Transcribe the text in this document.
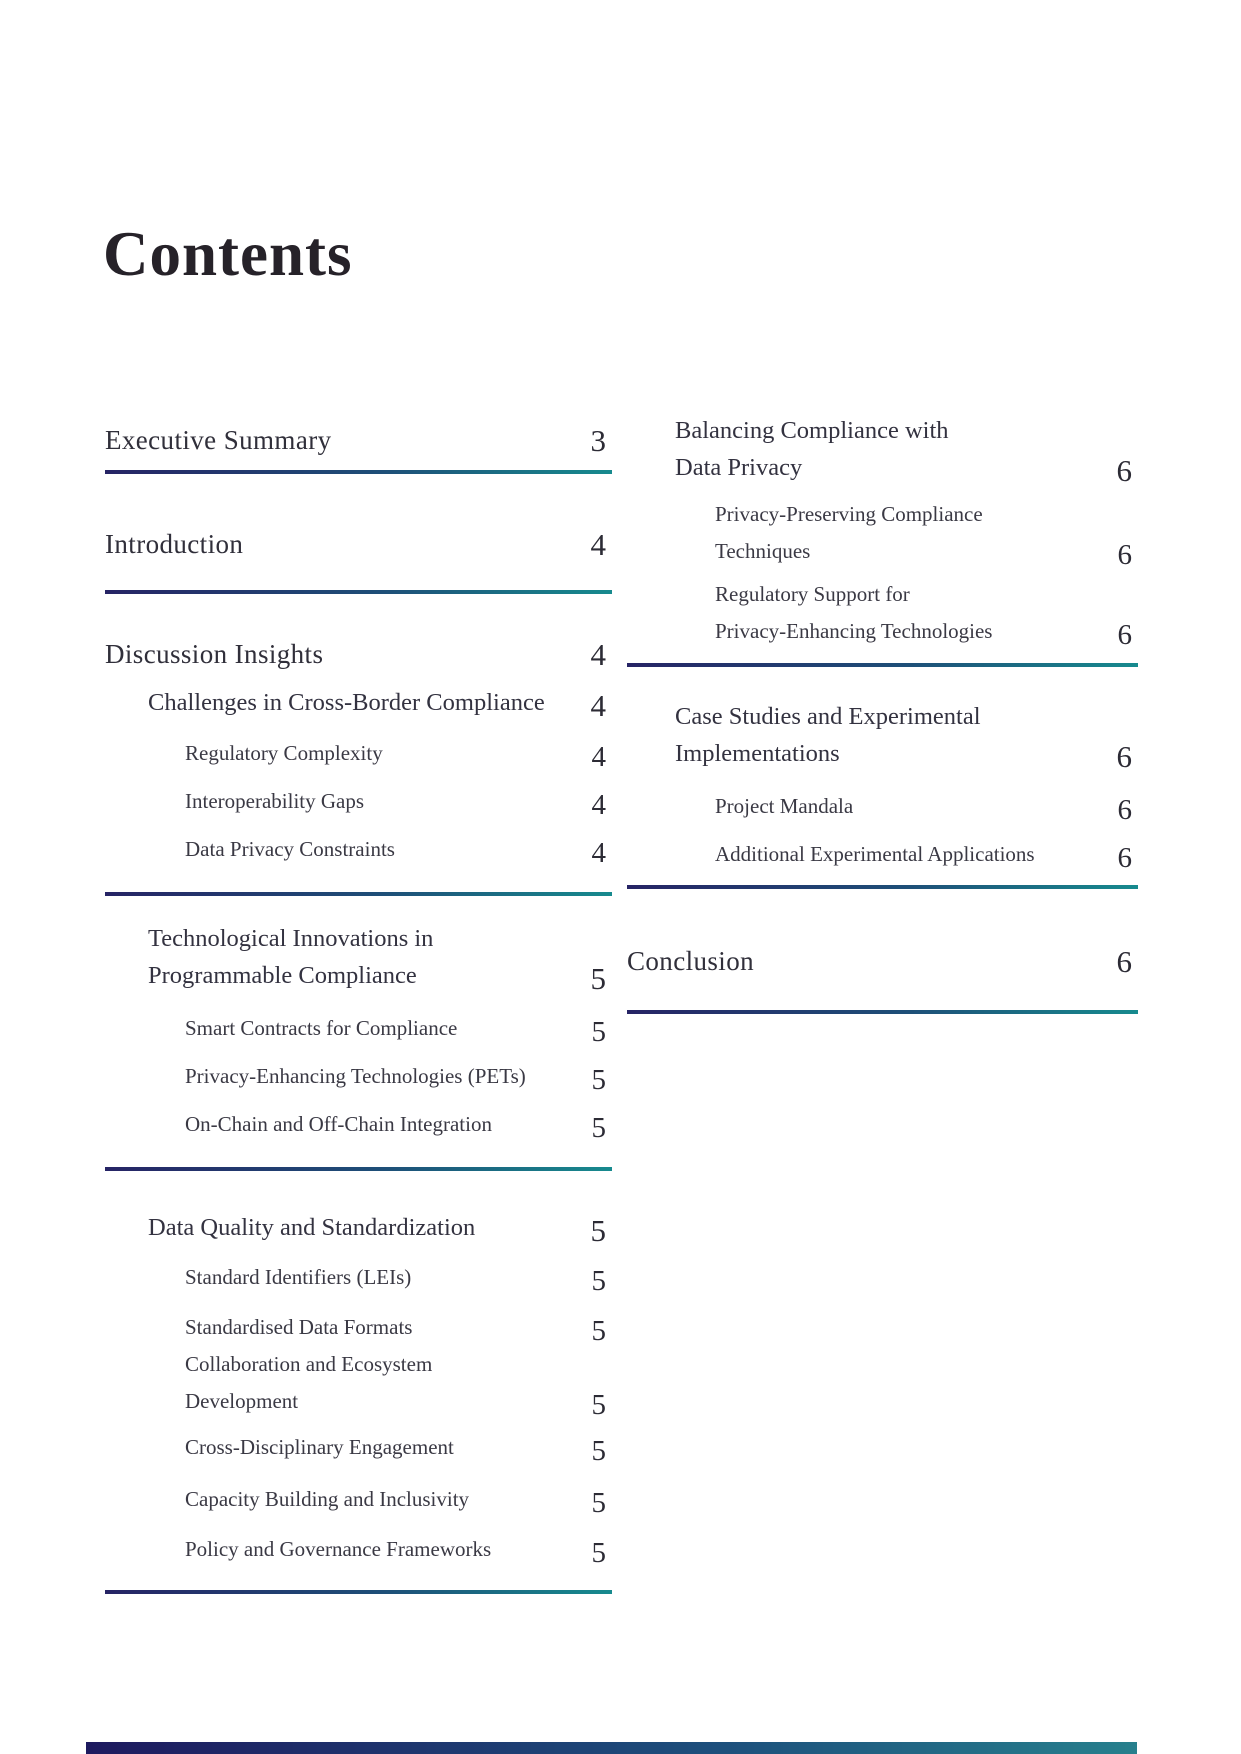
Contents
Executive Summary	3
Introduction	4
Discussion Insights	4
Challenges in Cross-Border Compliance 4
Regulatory Complexity	4
Interoperability Gaps	4
Data Privacy Constraints	4
Technological Innovations in
Programmable Compliance	5
Smart Contracts for Compliance	5
Privacy-Enhancing Technologies (PETs) 5
On-Chain and Off-Chain Integration	5
Data Quality and Standardization	5
Standard Identifiers (LEIs)	5
Standardised Data Formats	5
Collaboration and Ecosystem
Development	5
Cross-Disciplinary Engagement	5
Capacity Building and Inclusivity	5
Policy and Governance Frameworks	5
Balancing Compliance with
Data Privacy	6
Privacy-Preserving Compliance
Techniques	6
Regulatory Support for
Privacy-Enhancing Technologies	6
Case Studies and Experimental
Implementations	6
Project Mandala	6
Additional Experimental Applications	6
Conclusion	6
